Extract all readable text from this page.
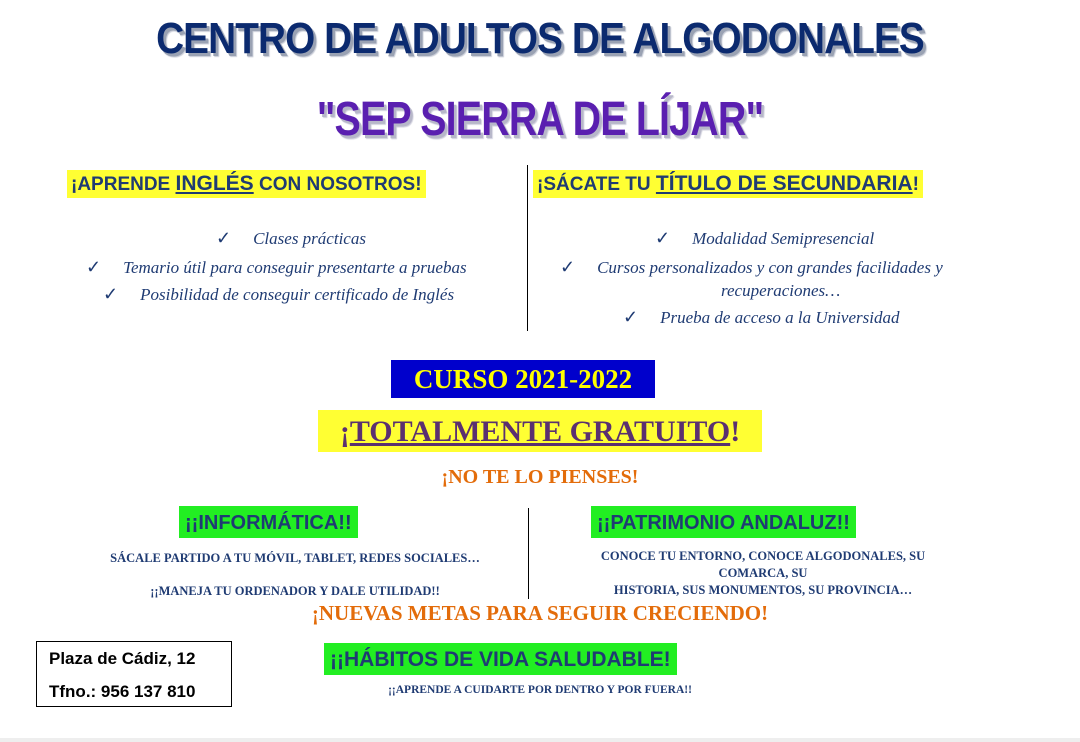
CENTRO DE ADULTOS DE ALGODONALES
"SEP SIERRA DE LÍJAR"
¡APRENDE INGLÉS CON NOSOTROS!	¡SÁCATE TU TÍTULO DE SECUNDARIA!
✓ Clases prácticas
✓ Temario útil para conseguir presentarte a pruebas
✓ Posibilidad de conseguir certificado de Inglés
✓ Modalidad Semipresencial
✓ Cursos personalizados y con grandes facilidades y
recuperaciones…
✓ Prueba de acceso a la Universidad
CURSO 2021-2022
¡TOTALMENTE GRATUITO!
¡NO TE LO PIENSES!
¡¡INFORMÁTICA!!
SÁCALE PARTIDO A TU MÓVIL, TABLET, REDES SOCIALES…
¡¡MANEJA TU ORDENADOR Y DALE UTILIDAD!!
¡¡PATRIMONIO ANDALUZ!!
CONOCE TU ENTORNO, CONOCE ALGODONALES, SU
COMARCA, SU
HISTORIA, SUS MONUMENTOS, SU PROVINCIA…
¡NUEVAS METAS PARA SEGUIR CRECIENDO!
¡¡HÁBITOS DE VIDA SALUDABLE!
¡¡APRENDE A CUIDARTE POR DENTRO Y POR FUERA!!
Plaza de Cádiz, 12
Tfno.: 956 137 810
